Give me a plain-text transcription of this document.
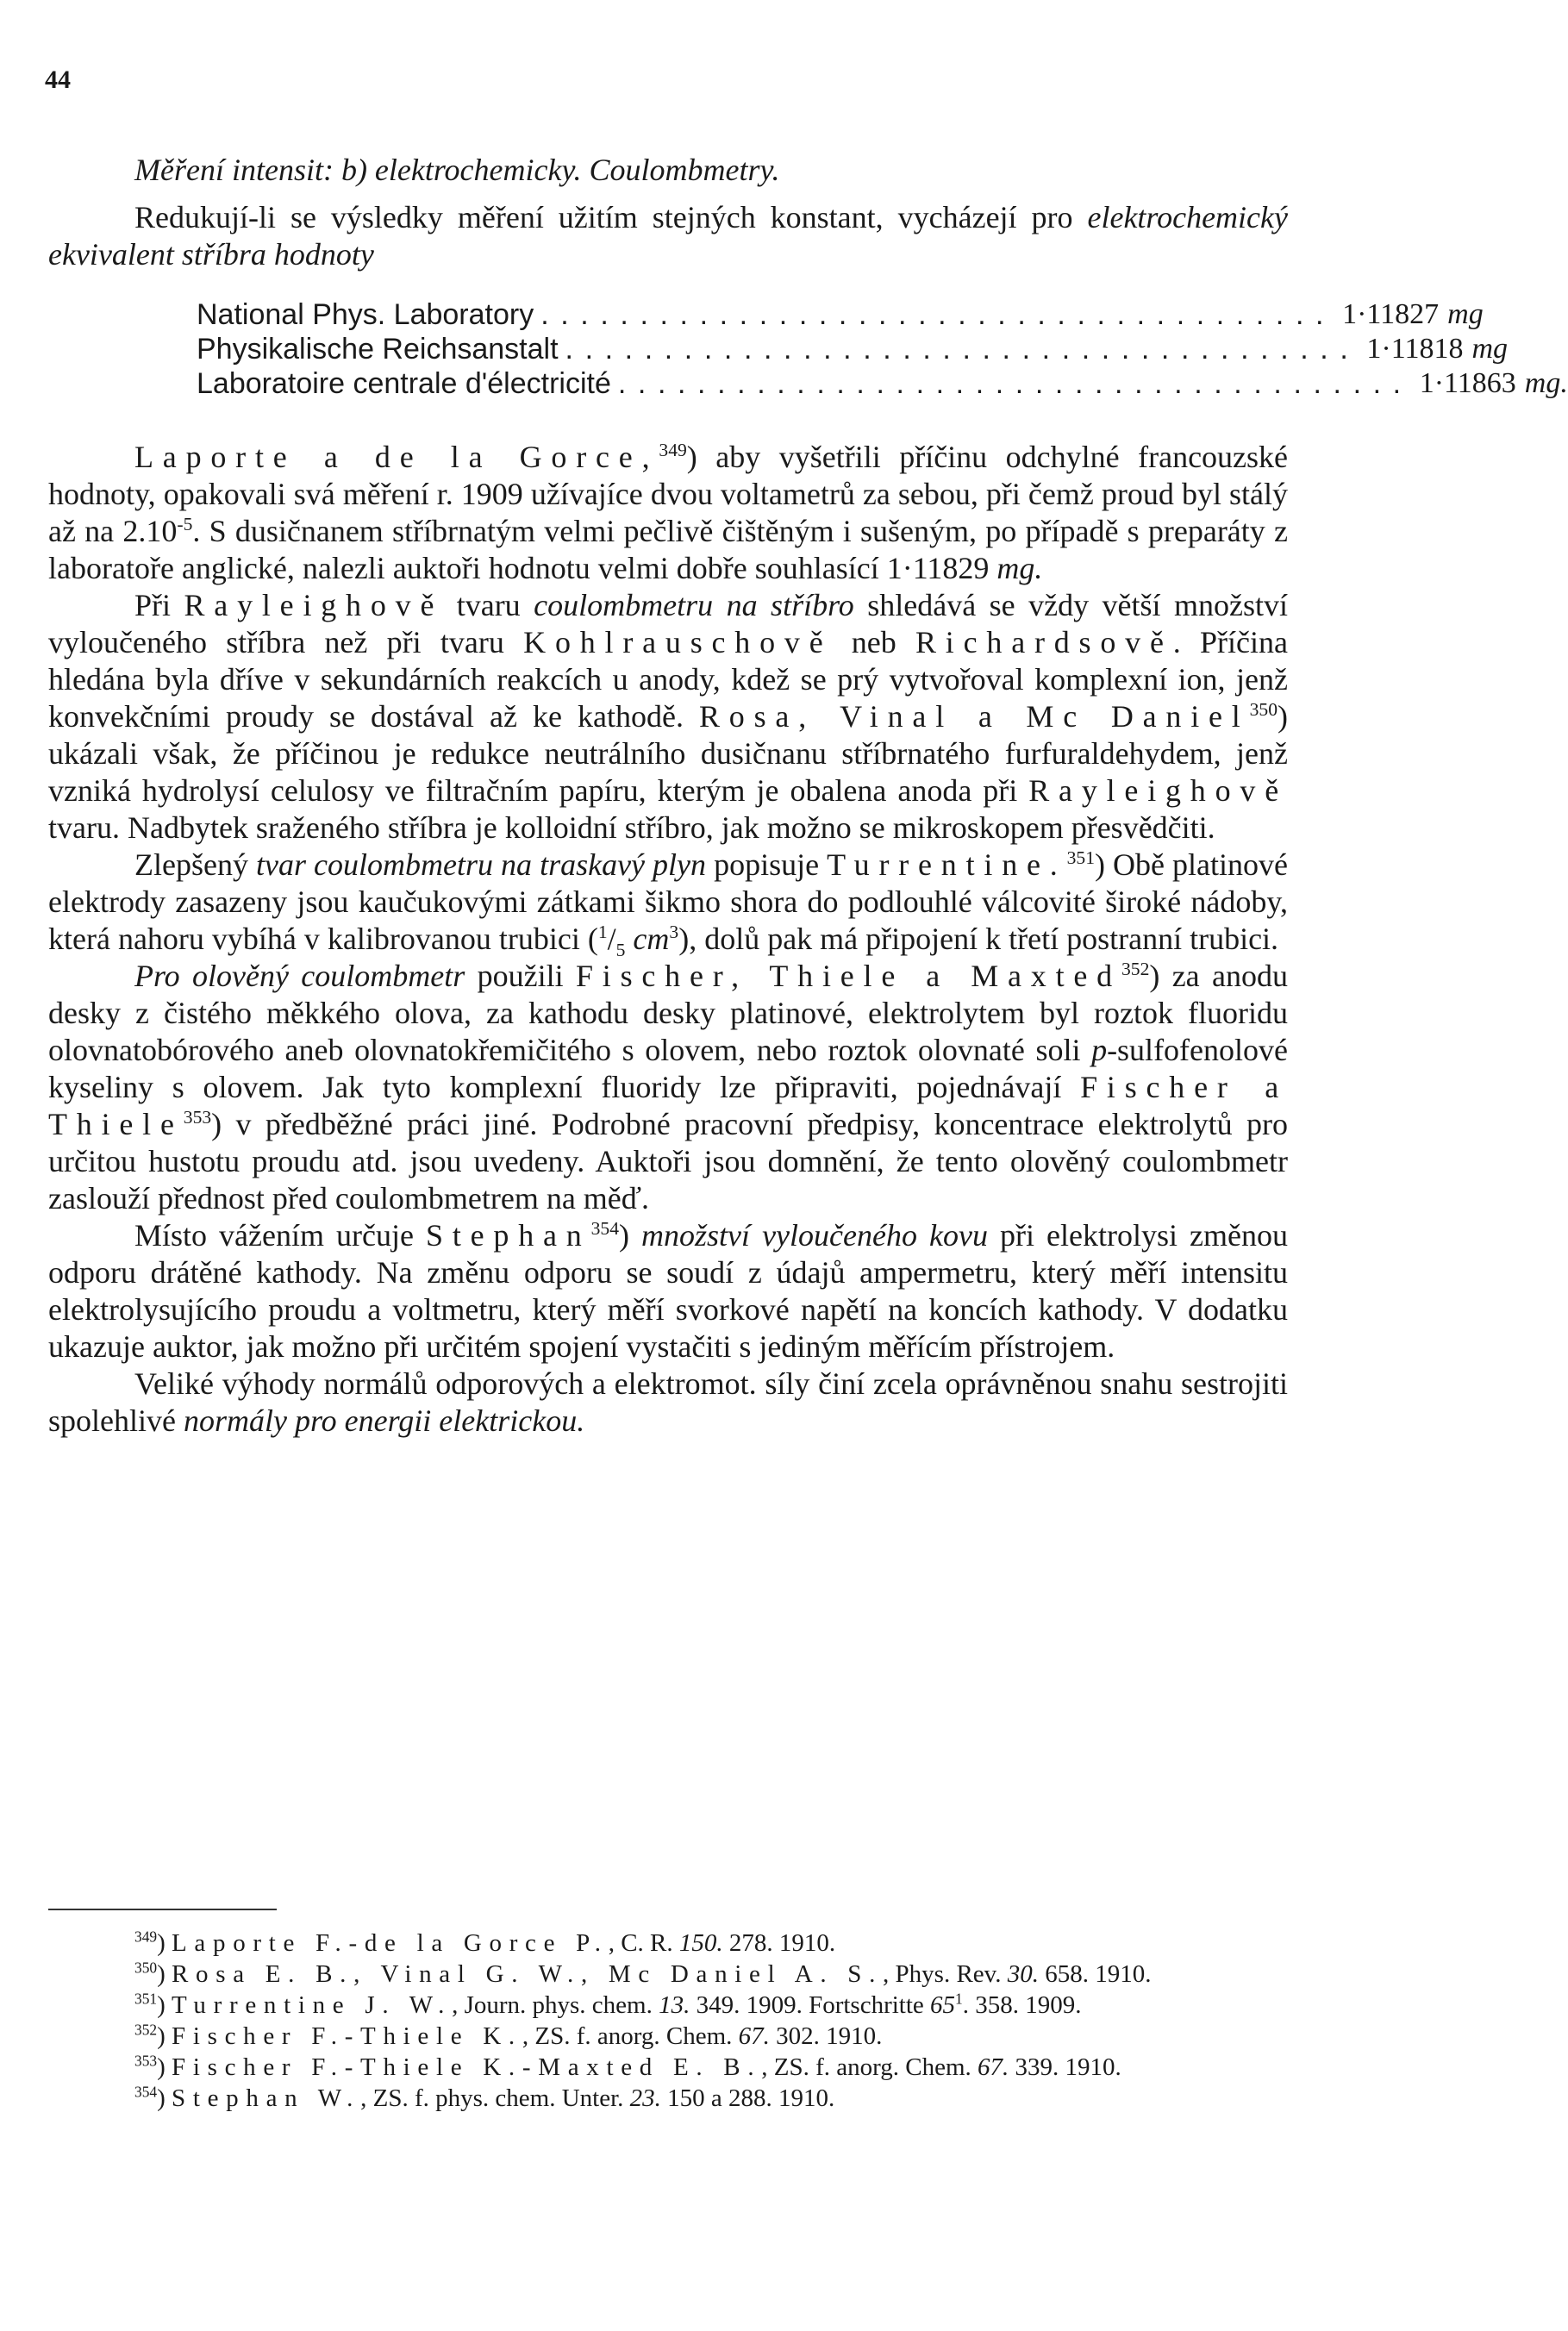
44

Měření intensit: b) elektrochemicky. Coulombmetry.

Redukují-li se výsledky měření užitím stejných konstant, vycházejí pro elektrochemický ekvivalent stříbra hodnoty

National Phys. Laboratory ........................................ 1·11827 mg
Physikalische Reichsanstalt ........................................ 1·11818 mg
Laboratoire centrale d'électricité ........................................ 1·11863 mg.

Laporte a de la Gorce,$^{349}$) aby vyšetřili příčinu odchylné francouzské hodnoty, opakovali svá měření r. 1909 užívajíce dvou voltametrů za sebou, při čemž proud byl stálý až na $2.10^{-5}$. S dusičnanem stříbrnatým velmi pečlivě čištěným i sušeným, po případě s preparáty z laboratoře anglické, nalezli auktoři hodnotu velmi dobře souhlasící 1·11829 mg.

Při Rayleighově tvaru coulombmetru na stříbro shledává se vždy větší množství vyloučeného stříbra než při tvaru Kohlrauschově neb Richardsově. Příčina hledána byla dříve v sekundárních reakcích u anody, kdež se prý vytvořoval komplexní ion, jenž konvekčními proudy se dostával až ke kathodě. Rosa, Vinal a Mc Daniel$^{350}$) ukázali však, že příčinou je redukce neutrálního dusičnanu stříbrnatého furfuraldehydem, jenž vzniká hydrolysí celulosy ve filtračním papíru, kterým je obalena anoda při Rayleighově tvaru. Nadbytek sraženého stříbra je kolloidní stříbro, jak možno se mikroskopem přesvědčiti.

Zlepšený tvar coulombmetru na traskavý plyn popisuje Turrentine.$^{351}$) Obě platinové elektrody zasazeny jsou kaučukovými zátkami šikmo shora do podlouhlé válcovité široké nádoby, která nahoru vybíhá v kalibrovanou trubici ($^1/_5$ $cm^3$), dolů pak má připojení k třetí postranní trubici.

Pro olověný coulombmetr použili Fischer, Thiele a Maxted$^{352}$) za anodu desky z čistého měkkého olova, za kathodu desky platinové, elektrolytem byl roztok fluoridu olovnatobórového aneb olovnatokřemičitého s olovem, nebo roztok olovnaté soli p-sulfofenolové kyseliny s olovem. Jak tyto komplexní fluoridy lze připraviti, pojednávají Fischer a Thiele$^{353}$) v předběžné práci jiné. Podrobné pracovní předpisy, koncentrace elektrolytů pro určitou hustotu proudu atd. jsou uvedeny. Auktoři jsou domnění, že tento olověný coulombmetr zaslouží přednost před coulombmetrem na měď.

Místo vážením určuje Stephan$^{354}$) množství vyloučeného kovu při elektrolysi změnou odporu drátěné kathody. Na změnu odporu se soudí z údajů ampermetru, který měří intensitu elektrolysujícího proudu a voltmetru, který měří svorkové napětí na koncích kathody. V dodatku ukazuje auktor, jak možno při určitém spojení vystačiti s jediným měřícím přístrojem.

Veliké výhody normálů odporových a elektromot. síly činí zcela oprávněnou snahu sestrojiti spolehlivé normály pro energii elektrickou.

$^{349}$) Laporte F.-de la Gorce P., C. R. 150. 278. 1910.

$^{350}$) Rosa E. B., Vinal G. W., Mc Daniel A. S., Phys. Rev. 30. 658. 1910.

$^{351}$) Turrentine J. W., Journ. phys. chem. 13. 349. 1909. Fortschritte $65^1$. 358. 1909.

$^{352}$) Fischer F.-Thiele K., ZS. f. anorg. Chem. 67. 302. 1910.

$^{353}$) Fischer F.-Thiele K.-Maxted E. B., ZS. f. anorg. Chem. 67. 339. 1910.

$^{354}$) Stephan W., ZS. f. phys. chem. Unter. 23. 150 a 288. 1910.
